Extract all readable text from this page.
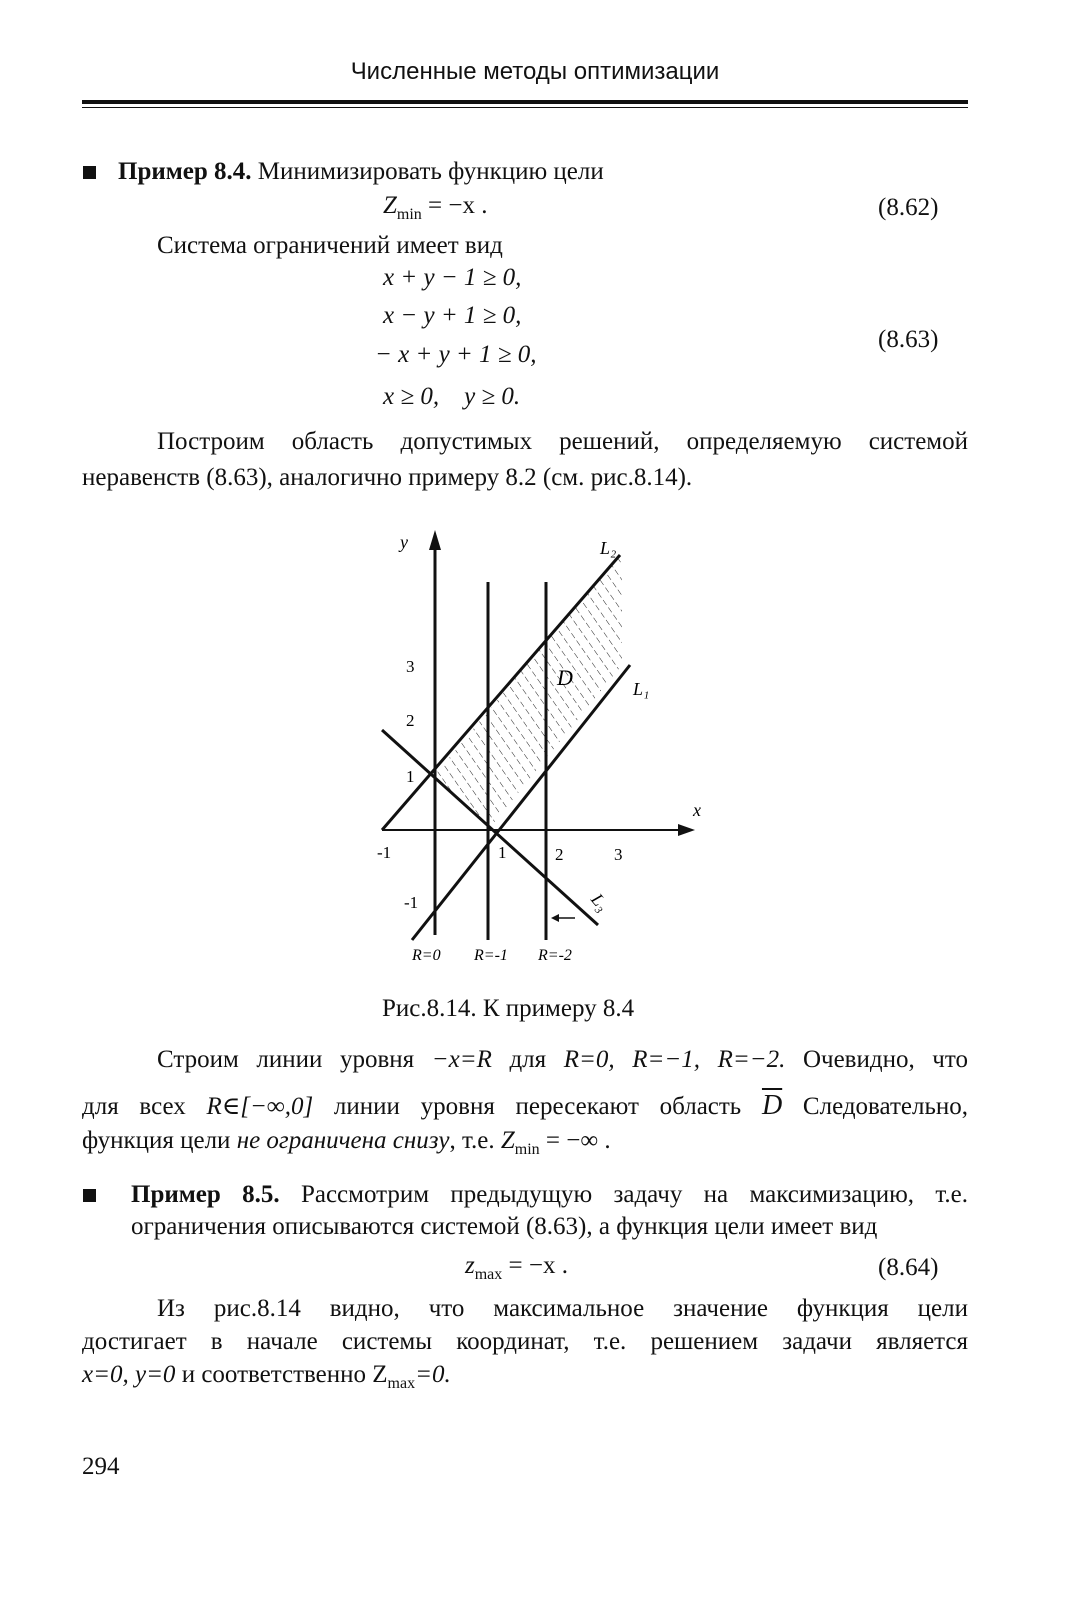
Численные методы оптимизации
Пример 8.4. Минимизировать функцию цели
$Z_{min} = -x$ .	(8.62)
Система ограничений имеет вид
x + y − 1 ≥ 0,
x − y + 1 ≥ 0,
− x + y + 1 ≥ 0,
x ≥ 0,    y ≥ 0.
(8.63)
Построим область допустимых решений, определяемую системой
неравенств (8.63), аналогично примеру 8.2 (см. рис.8.14).
y
x
L₂
L₁
L₃
D
3
2
1
-1
-1	1	2	3
R=0 R=-1 R=-2
Рис.8.14. К примеру 8.4
Строим линии уровня −x=R для R=0, R=−1, R=−2. Очевидно, что
для всех R∈[−∞,0] линии уровня пересекают область $\overline{D}$ Следовательно,
функция цели не ограничена снизу, т.е. $Z_{min}$ = −∞ .
Пример 8.5. Рассмотрим предыдущую задачу на максимизацию, т.е.
ограничения описываются системой (8.63), а функция цели имеет вид
$z_{max} = -x$ .	(8.64)
Из рис.8.14 видно, что максимальное значение функция цели
достигает в начале системы координат, т.е. решением задачи является
x=0, y=0 и соответственно $Z_{max}=0$.
294
